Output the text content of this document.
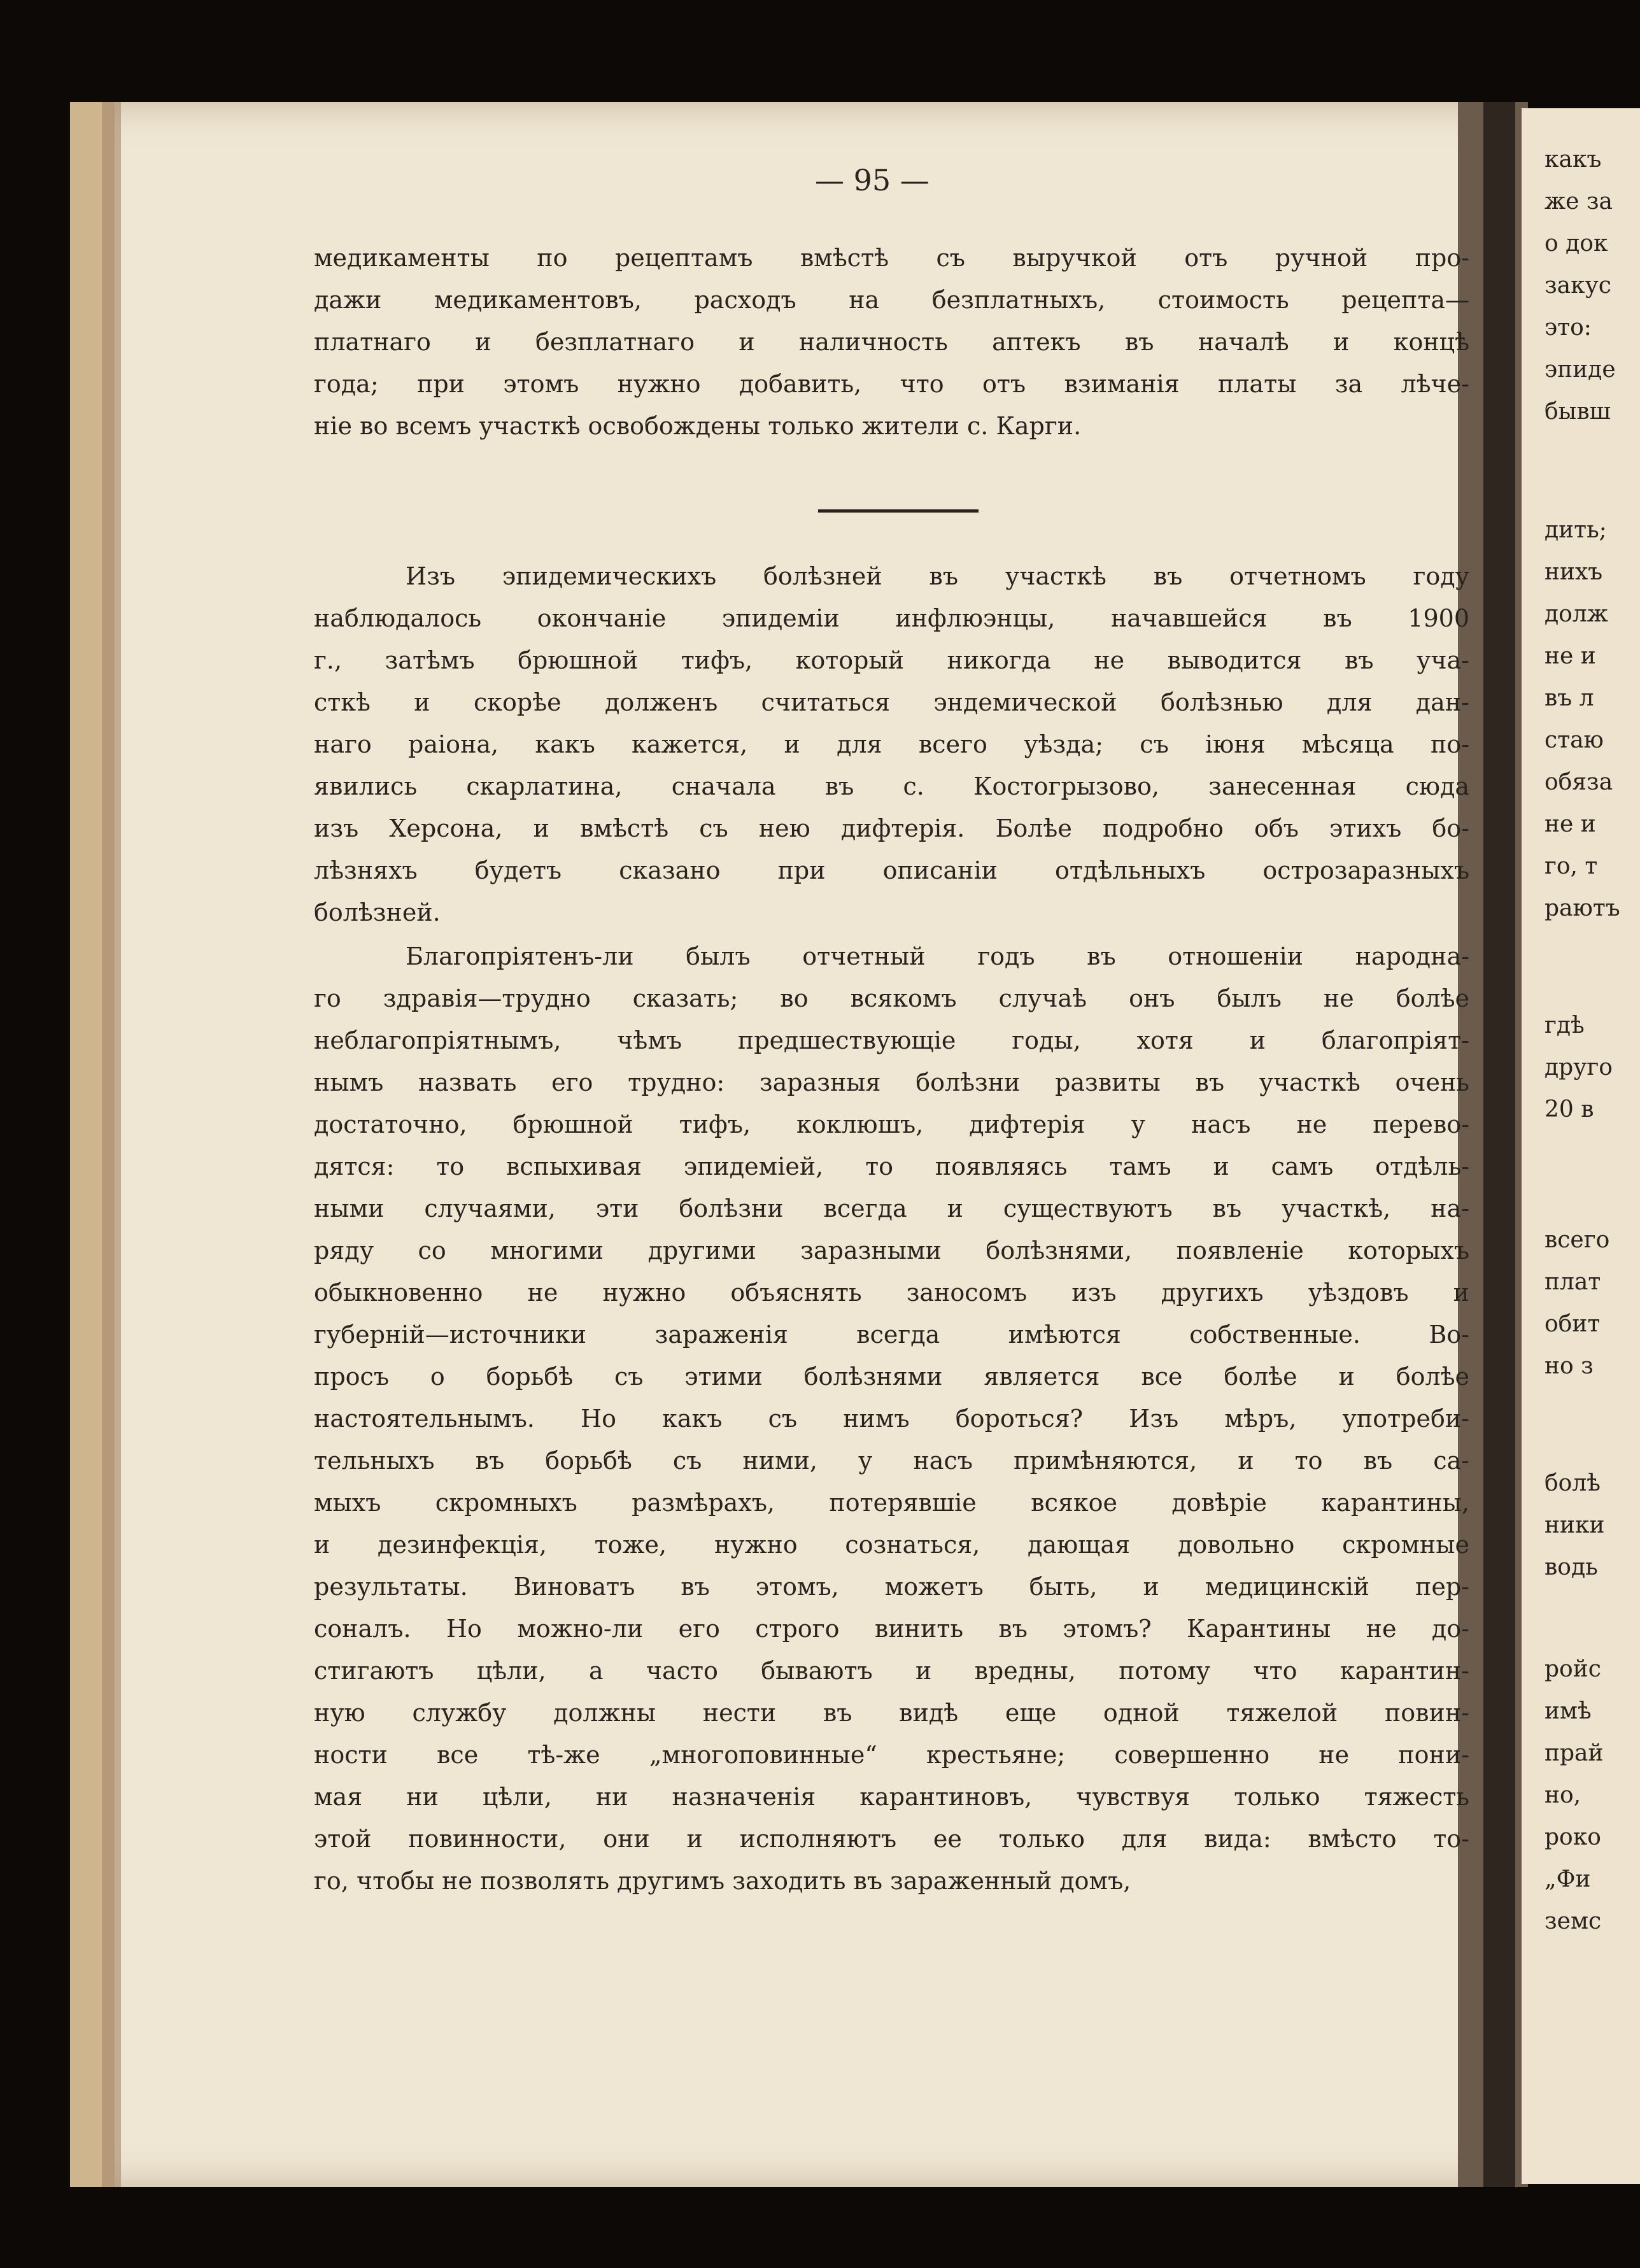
какъ
же за
о док
закус
это:
эпиде
бывш
дить;
нихъ
долж
не и
въ л
стаю
обяза
не и
го, т
раютъ
гдѣ
друго
20 в
всего
плат
обит
но з
болѣ
ники
водь
ройс
имѣ
прай
но,
роко
„Фи
земс
— 95 —
медикаменты по рецептамъ вмѣстѣ съ выручкой отъ ручной про-
дажи медикаментовъ, расходъ на безплатныхъ, стоимость рецепта—
платнаго и безплатнаго и наличность аптекъ въ началѣ и концѣ
года; при этомъ нужно добавить, что отъ взиманія платы за лѣче-
ніе во всемъ участкѣ освобождены только жители с. Карги.
Изъ эпидемическихъ болѣзней въ участкѣ въ отчетномъ году
наблюдалось окончаніе эпидеміи инфлюэнцы, начавшейся въ 1900
г., затѣмъ брюшной тифъ, который никогда не выводится въ уча-
сткѣ и скорѣе долженъ считаться эндемической болѣзнью для дан-
наго раіона, какъ кажется, и для всего уѣзда; съ іюня мѣсяца по-
явились скарлатина, сначала въ с. Костогрызово, занесенная сюда
изъ Херсона, и вмѣстѣ съ нею дифтерія. Болѣе подробно объ этихъ бо-
лѣзняхъ будетъ сказано при описаніи отдѣльныхъ острозаразныхъ
болѣзней.
Благопріятенъ-ли былъ отчетный годъ въ отношеніи народна-
го здравія—трудно сказать; во всякомъ случаѣ онъ былъ не болѣе
неблагопріятнымъ, чѣмъ предшествующіе годы, хотя и благопріят-
нымъ назвать его трудно: заразныя болѣзни развиты въ участкѣ очень
достаточно, брюшной тифъ, коклюшъ, дифтерія у насъ не перево-
дятся: то вспыхивая эпидеміей, то появляясь тамъ и самъ отдѣль-
ными случаями, эти болѣзни всегда и существуютъ въ участкѣ, на-
ряду со многими другими заразными болѣзнями, появленіе которыхъ
обыкновенно не нужно объяснять заносомъ изъ другихъ уѣздовъ и
губерній—источники зараженія всегда имѣются собственные. Во-
просъ о борьбѣ съ этими болѣзнями является все болѣе и болѣе
настоятельнымъ. Но какъ съ нимъ бороться? Изъ мѣръ, употреби-
тельныхъ въ борьбѣ съ ними, у насъ примѣняются, и то въ са-
мыхъ скромныхъ размѣрахъ, потерявшіе всякое довѣріе карантины,
и дезинфекція, тоже, нужно сознаться, дающая довольно скромные
результаты. Виноватъ въ этомъ, можетъ быть, и медицинскій пер-
соналъ. Но можно-ли его строго винить въ этомъ? Карантины не до-
стигаютъ цѣли, а часто бываютъ и вредны, потому что карантин-
ную службу должны нести въ видѣ еще одной тяжелой повин-
ности все тѣ-же „многоповинные“ крестьяне; совершенно не пони-
мая ни цѣли, ни назначенія карантиновъ, чувствуя только тяжесть
этой повинности, они и исполняютъ ее только для вида: вмѣсто то-
го, чтобы не позволять другимъ заходить въ зараженный домъ,
